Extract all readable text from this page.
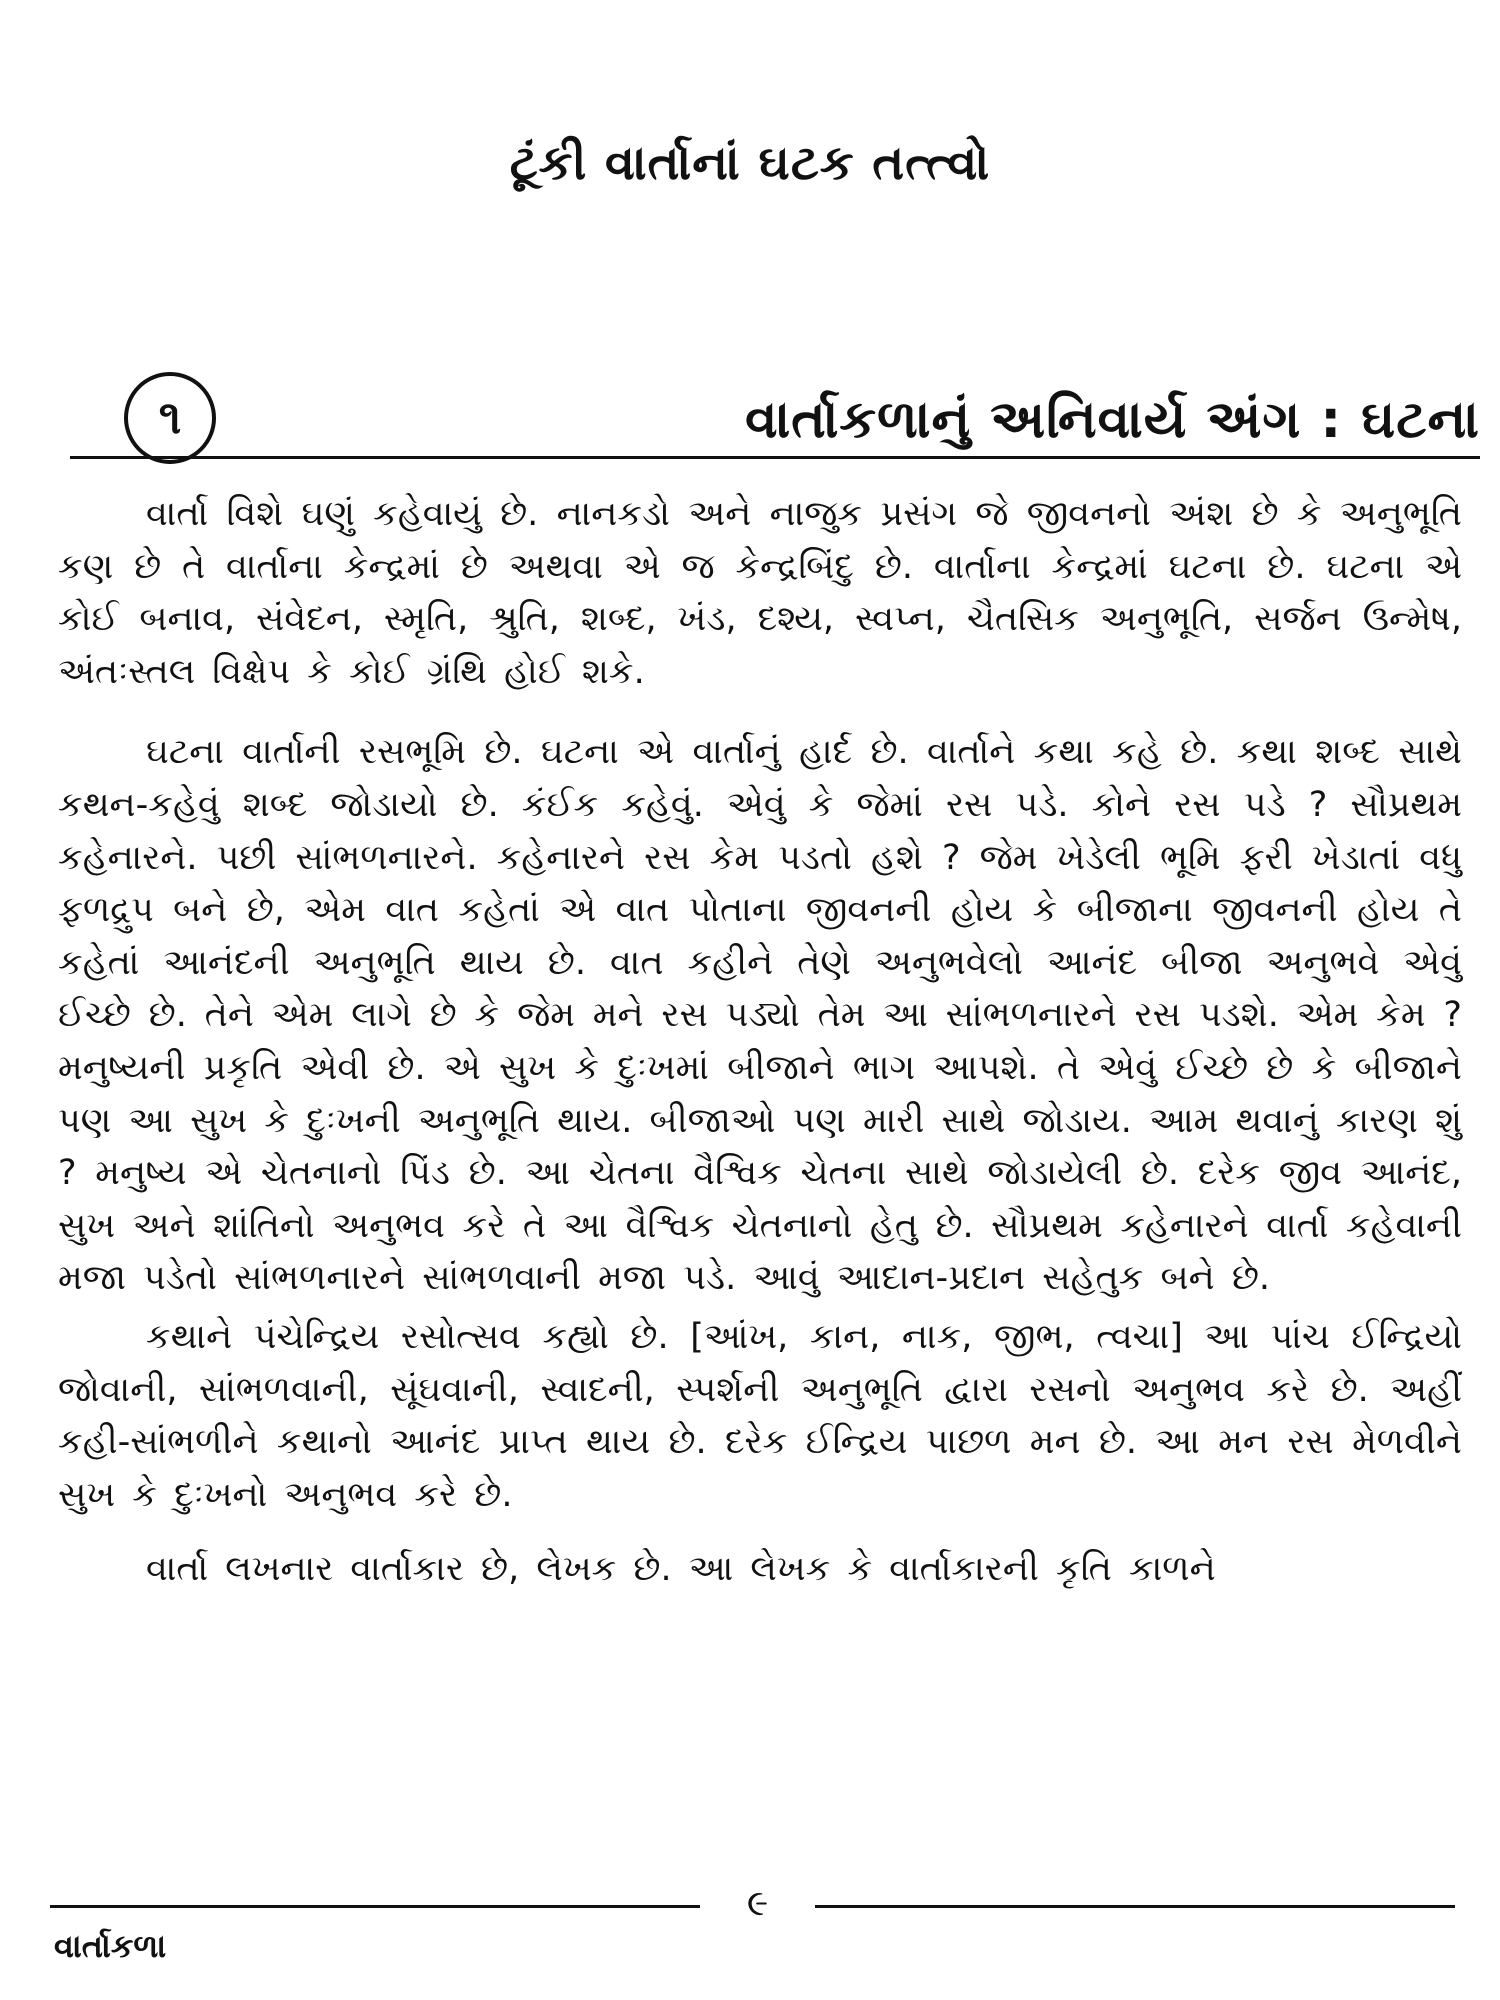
ટૂંકી વાર્તાનાં ઘટક તત્ત્વો
૧	વાર્તાકળાનું અનિવાર્ય અંગ : ઘટના

વાર્તા વિશે ઘણું કહેવાયું છે. નાનકડો અને નાજુક પ્રસંગ જે જીવનનો અંશ છે કે અનુભૂતિ કણ છે તે વાર્તાના કેન્દ્રમાં છે અથવા એ જ કેન્દ્રબિંદુ છે. વાર્તાના કેન્દ્રમાં ઘટના છે. ઘટના એ કોઈ બનાવ, સંવેદન, સ્મૃતિ, શ્રુતિ, શબ્દ, ખંડ, દશ્ય, સ્વપ્ન, ચૈતસિક અનુભૂતિ, સર્જન ઉન્મેષ, અંતઃસ્તલ વિક્ષેપ કે કોઈ ગ્રંથિ હોઈ શકે.

ઘટના વાર્તાની રસભૂમિ છે. ઘટના એ વાર્તાનું હાર્દ છે. વાર્તાને કથા કહે છે. કથા શબ્દ સાથે કથન-કહેવું શબ્દ જોડાયો છે. કંઈક કહેવું. એવું કે જેમાં રસ પડે. કોને રસ પડે ? સૌપ્રથમ કહેનારને. પછી સાંભળનારને. કહેનારને રસ કેમ પડતો હશે ? જેમ ખેડેલી ભૂમિ ફરી ખેડાતાં વધુ ફળદ્રુપ બને છે, એમ વાત કહેતાં એ વાત પોતાના જીવનની હોય કે બીજાના જીવનની હોય તે કહેતાં આનંદની અનુભૂતિ થાય છે. વાત કહીને તેણે અનુભવેલો આનંદ બીજા અનુભવે એવું ઈચ્છે છે. તેને એમ લાગે છે કે જેમ મને રસ પડ્યો તેમ આ સાંભળનારને રસ પડશે. એમ કેમ ? મનુષ્યની પ્રકૃતિ એવી છે. એ સુખ કે દુઃખમાં બીજાને ભાગ આપશે. તે એવું ઈચ્છે છે કે બીજાને પણ આ સુખ કે દુઃખની અનુભૂતિ થાય. બીજાઓ પણ મારી સાથે જોડાય. આમ થવાનું કારણ શું ? મનુષ્ય એ ચેતનાનો પિંડ છે. આ ચેતના વૈશ્વિક ચેતના સાથે જોડાયેલી છે. દરેક જીવ આનંદ, સુખ અને શાંતિનો અનુભવ કરે તે આ વૈશ્વિક ચેતનાનો હેતુ છે. સૌપ્રથમ કહેનારને વાર્તા કહેવાની મજા પડેતો સાંભળનારને સાંભળવાની મજા પડે. આવું આદાન-પ્રદાન સહેતુક બને છે.

કથાને પંચેન્દ્રિય રસોત્સવ કહ્યો છે. [આંખ, કાન, નાક, જીભ, ત્વચા] આ પાંચ ઈન્દ્રિયો જોવાની, સાંભળવાની, સૂંઘવાની, સ્વાદની, સ્પર્શની અનુભૂતિ દ્વારા રસનો અનુભવ કરે છે. અહીં કહી-સાંભળીને કથાનો આનંદ પ્રાપ્ત થાય છે. દરેક ઈન્દ્રિય પાછળ મન છે. આ મન રસ મેળવીને સુખ કે દુઃખનો અનુભવ કરે છે.

વાર્તા લખનાર વાર્તાકાર છે, લેખક છે. આ લેખક કે વાર્તાકારની કૃતિ કાળને

૯
વાર્તાકળા
